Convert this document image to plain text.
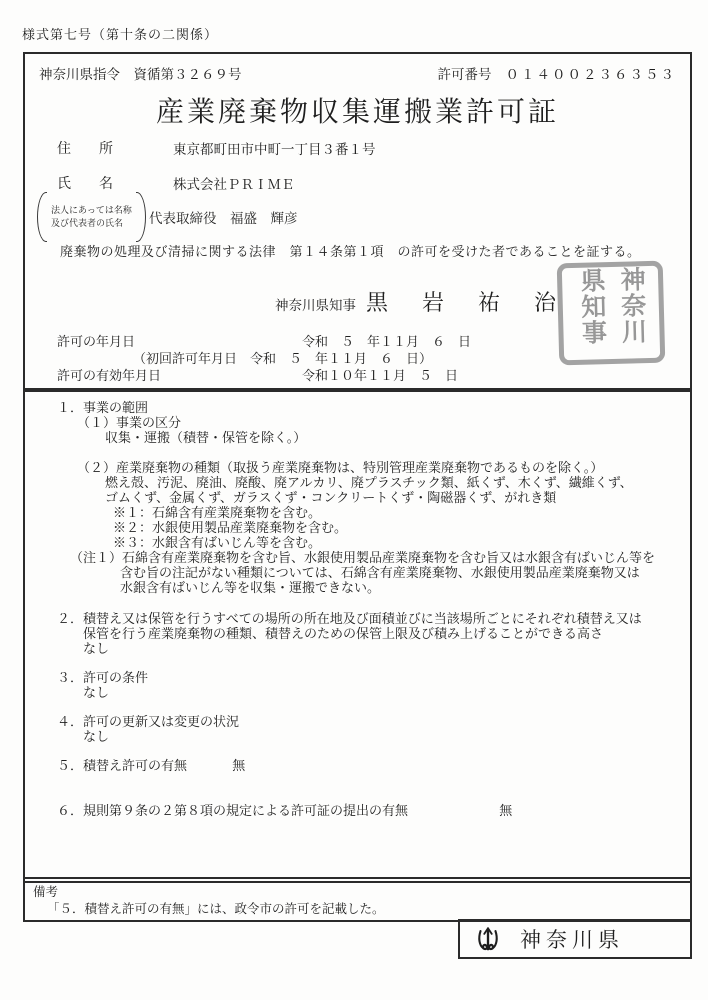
様式第七号（第十条の二関係）
神奈川県指令　資循第３２６９号	許可番号 ０１４００２３６３５３
産業廃棄物収集運搬業許可証
住　　所	東京都町田市中町一丁目３番１号
氏　　名	株式会社ＰＲＩＭＥ
法人にあっては名称
及び代表者の氏名	代表取締役　福盛　輝彦
廃棄物の処理及び清掃に関する法律　第１４条第１項　の許可を受けた者であることを証する。
神奈川県知事 黒　岩　祐　治	神奈川県知事
許可の年月日	令和　５　年１１月　６　日
（初回許可年月日　令和　５　年１１月　６　日）
許可の有効年月日	令和１０年１１月　５　日
１．事業の範囲
（１）事業の区分
収集・運搬（積替・保管を除く。）
（２）産業廃棄物の種類（取扱う産業廃棄物は、特別管理産業廃棄物であるものを除く。）
燃え殻、汚泥、廃油、廃酸、廃アルカリ、廃プラスチック類、紙くず、木くず、繊維くず、
ゴムくず、金属くず、ガラスくず・コンクリートくず・陶磁器くず、がれき類
※１：石綿含有産業廃棄物を含む。
※２：水銀使用製品産業廃棄物を含む。
※３：水銀含有ばいじん等を含む。
（注１）石綿含有産業廃棄物を含む旨、水銀使用製品産業廃棄物を含む旨又は水銀含有ばいじん等を
含む旨の注記がない種類については、石綿含有産業廃棄物、水銀使用製品産業廃棄物又は
水銀含有ばいじん等を収集・運搬できない。
２．積替え又は保管を行うすべての場所の所在地及び面積並びに当該場所ごとにそれぞれ積替え又は
保管を行う産業廃棄物の種類、積替えのための保管上限及び積み上げることができる高さ
なし
３．許可の条件
なし
４．許可の更新又は変更の状況
なし
５．積替え許可の有無	無
６．規則第９条の２第８項の規定による許可証の提出の有無	無
備考
「５．積替え許可の有無」には、政令市の許可を記載した。
神奈川県
